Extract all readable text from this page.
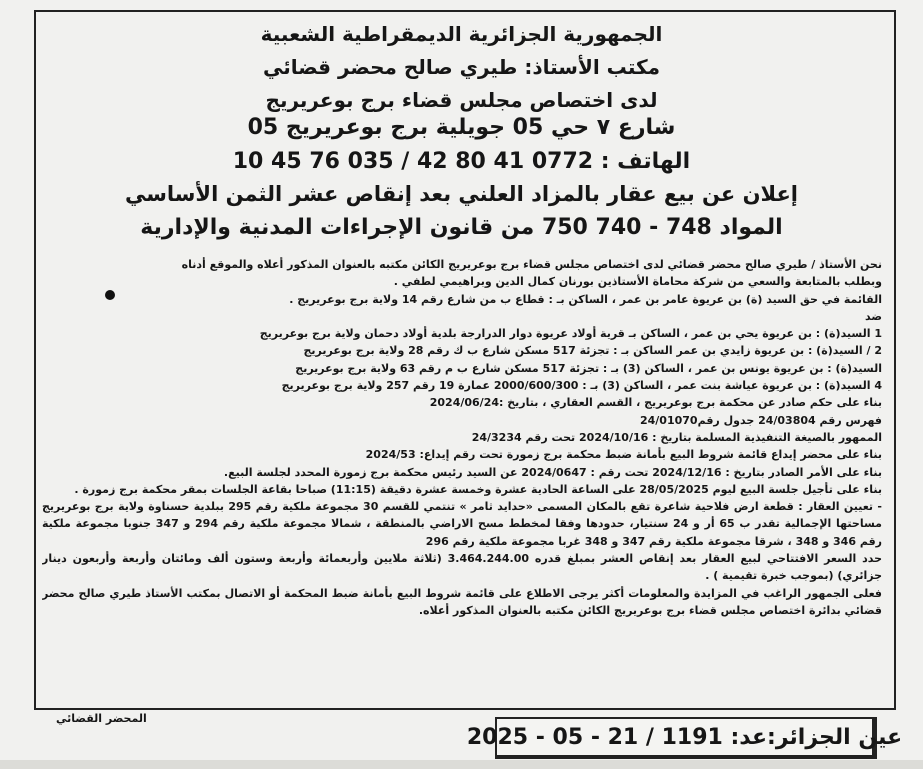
الجمهورية الجزائرية الديمقراطية الشعبية
مكتب الأستاذ: طيري صالح محضر قضائي
لدى اختصاص مجلس قضاء برج بوعريريج
05 شارع ٧ حي 05 جويلية برج بوعريريج
الهاتف : 0772 41 80 42 / 035 76 45 10
إعلان عن بيع عقار بالمزاد العلني بعد إنقاص عشر الثمن الأساسي
المواد 748 - 740 750 من قانون الإجراءات المدنية والإدارية

نحن الأستاذ / طيري صالح محضر قضائي لدى اختصاص مجلس قضاء برج بوعريريج الكائن مكتبه بالعنوان المذكور أعلاه والموقع أدناه

وبطلب بالمتابعة والسعي من شركة محاماة الأستاذين بورنان كمال الدين وبراهيمي لطفي .

القائمة في حق السيد (ة) بن عريوة عامر بن عمر ، الساكن بـ : قطاع ب من شارع رقم 14 ولاية برج بوعريريج .

ضد

1 السيد(ة) : بن عريوة يحي بن عمر ، الساكن بـ قرية أولاد عريوة دوار الدرارجة بلدية أولاد دحمان ولاية برج بوعريريج

2 / السيد(ة) : بن عريوة زايدي بن عمر الساكن بـ : تجزئة 517 مسكن شارع ب ك رقم 28 ولاية برج بوعريريج

السيد(ة) : بن عريوة يونس بن عمر ، الساكن (3) بـ : تجزئة 517 مسكن شارع ب م رقم 63 ولاية برج بوعريريج

4 السيد(ة) : بن عريوة عياشة بنت عمر ، الساكن (3) بـ : 2000/600/300 عمارة 19 رقم 257 ولاية برج بوعريريج

بناء على حكم صادر عن محكمة برج بوعريريج ، القسم العقاري ، بتاريخ :2024/06/24

فهرس رقم 24/03804 جدول رقم24/01070

الممهور بالصيغة التنفيذية المسلمة بتاريخ : 2024/10/16 تحت رقم 24/3234

بناء على محضر إيداع قائمة شروط البيع بأمانة ضبط محكمة برج زمورة تحت رقم إيداع: 2024/53

بناء على الأمر الصادر بتاريخ : 2024/12/16 تحت رقم : 2024/0647 عن السيد رئيس محكمة برج زمورة المحدد لجلسة البيع.

بناء على تأجيل جلسة البيع ليوم 28/05/2025 على الساعة الحادية عشرة وخمسة عشرة دقيقة (11:15) صباحا بقاعة الجلسات بمقر محكمة برج زمورة .

- تعيين العقار : قطعة ارض فلاحية شاعرة تقع بالمكان المسمى «حدايد ثامر » تنتمي للقسم 30 مجموعة ملكية رقم 295 ببلدية حسناوة ولاية برج بوعريريج مساحتها الإجمالية تقدر ب 65 أر و 24 سنتيار، حدودها وفقا لمخطط مسح الاراضي بالمنطقة ، شمالا مجموعة ملكية رقم 294 و 347 جنوبا مجموعة ملكية رقم 346 و 348 ، شرقا مجموعة ملكية رقم 347 و 348 غربا مجموعة ملكية رقم 296

حدد السعر الافتتاحي لبيع العقار بعد إنقاص العشر بمبلغ قدره 3.464.244.00 (ثلاثة ملايين وأربعمائة وأربعة وستون ألف ومائتان وأربعة وأربعون دينار جزائري) (بموجب خبرة تقيمية ) .

فعلى الجمهور الراغب في المزايدة والمعلومات أكثر يرجى الاطلاع على قائمة شروط البيع بأمانة ضبط المحكمة أو الاتصال بمكتب الأستاذ طيري صالح محضر قضائي بدائرة اختصاص مجلس قضاء برج بوعريريج الكائن مكتبه بالعنوان المذكور أعلاه.

المحضر القضائي
عين الجزائر:عد: 1191 / 21 - 05 - 2025
